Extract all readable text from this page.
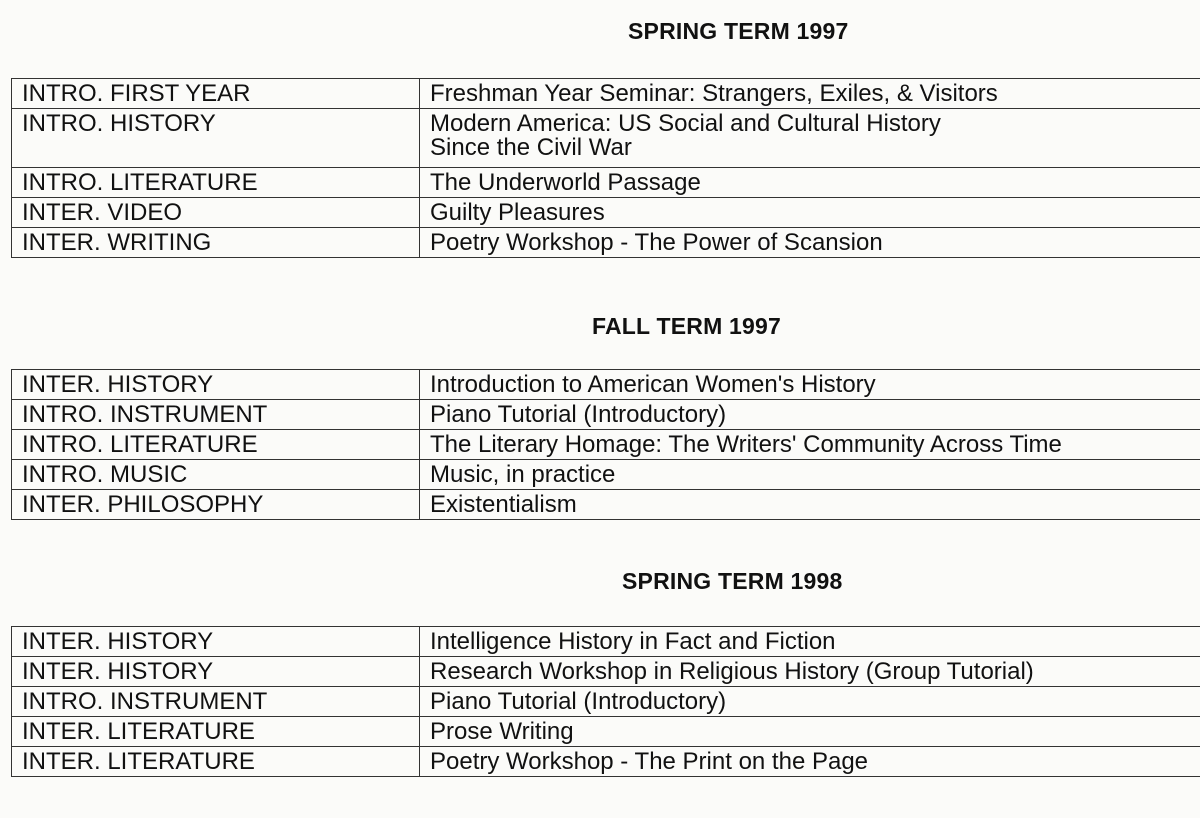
SPRING TERM 1997
INTRO. FIRST YEAR	Freshman Year Seminar: Strangers, Exiles, & Visitors
INTRO. HISTORY	Modern America: US Social and Cultural History
Since the Civil War
INTRO. LITERATURE	The Underworld Passage
INTER. VIDEO	Guilty Pleasures
INTER. WRITING	Poetry Workshop - The Power of Scansion
FALL TERM 1997
INTER. HISTORY	Introduction to American Women's History
INTRO. INSTRUMENT	Piano Tutorial (Introductory)
INTRO. LITERATURE	The Literary Homage: The Writers' Community Across Time
INTRO. MUSIC	Music, in practice
INTER. PHILOSOPHY	Existentialism
SPRING TERM 1998
INTER. HISTORY	Intelligence History in Fact and Fiction
INTER. HISTORY	Research Workshop in Religious History (Group Tutorial)
INTRO. INSTRUMENT	Piano Tutorial (Introductory)
INTER. LITERATURE	Prose Writing
INTER. LITERATURE	Poetry Workshop - The Print on the Page
